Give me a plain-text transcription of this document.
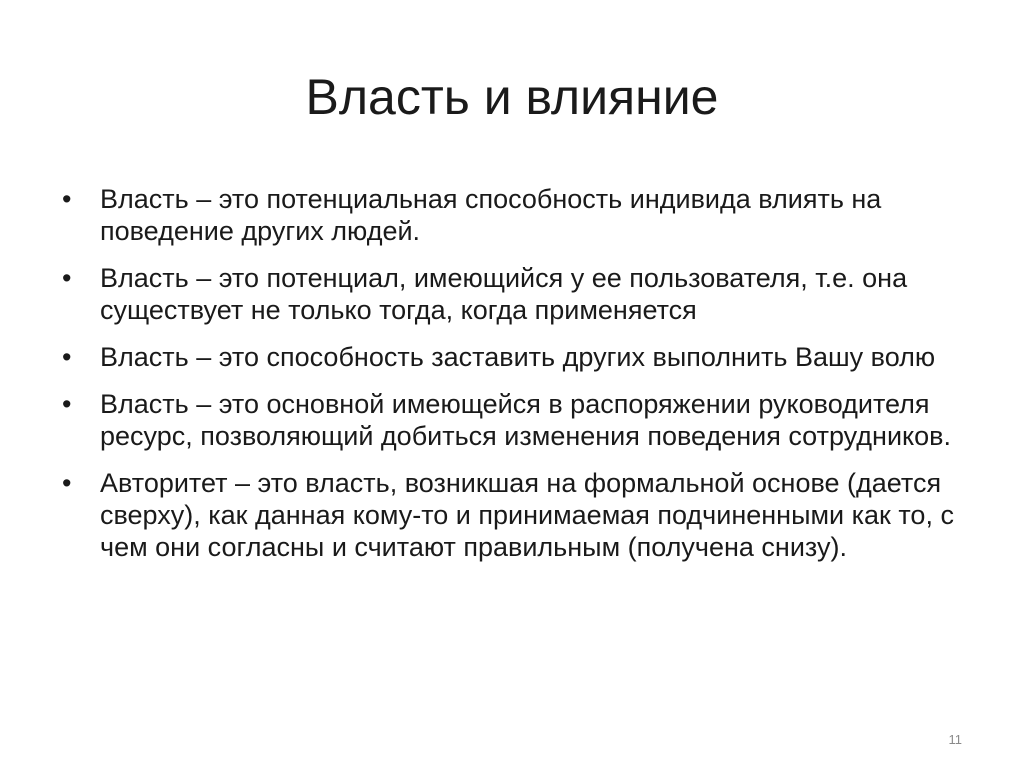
Власть и влияние
•	Власть – это потенциальная способность индивида влиять на поведение других людей.
•	Власть – это потенциал, имеющийся у ее пользователя, т.е. она существует не только тогда, когда применяется
•	Власть – это способность заставить других выполнить Вашу волю
•	Власть – это основной имеющейся в распоряжении руководителя ресурс, позволяющий добиться изменения поведения сотрудников.
•	Авторитет – это власть, возникшая на формальной основе (дается сверху), как данная кому-то и принимаемая подчиненными как то, с чем они согласны и считают правильным (получена снизу).
11
